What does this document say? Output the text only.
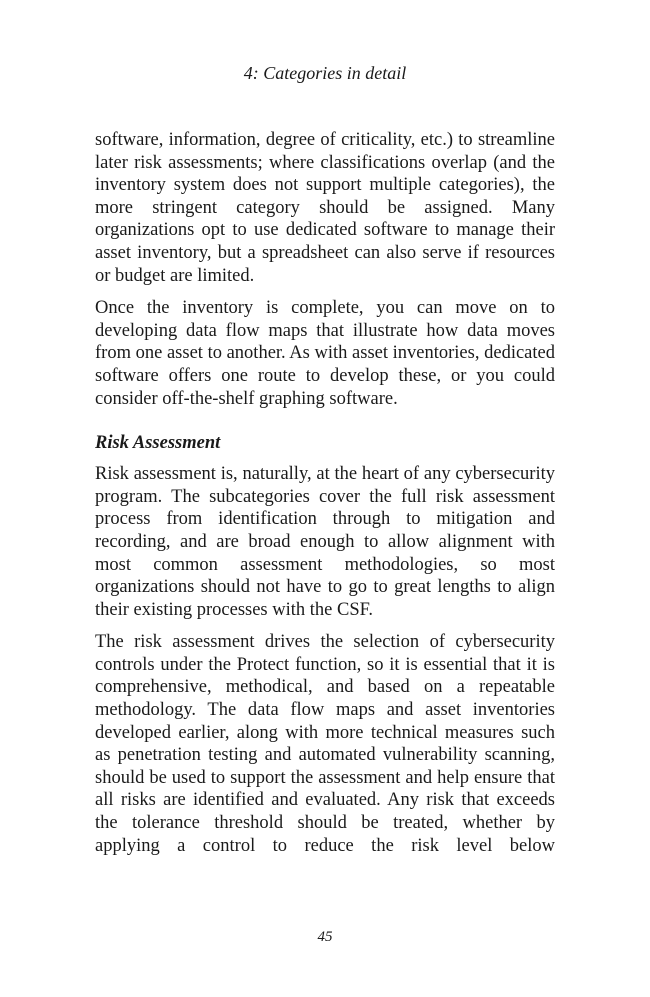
4: Categories in detail

software, information, degree of criticality, etc.) to streamline later risk assessments; where classifications overlap (and the inventory system does not support multiple categories), the more stringent category should be assigned. Many organizations opt to use dedicated software to manage their asset inventory, but a spreadsheet can also serve if resources or budget are limited.

Once the inventory is complete, you can move on to developing data flow maps that illustrate how data moves from one asset to another. As with asset inventories, dedicated software offers one route to develop these, or you could consider off-the-shelf graphing software.

Risk Assessment

Risk assessment is, naturally, at the heart of any cybersecurity program. The subcategories cover the full risk assessment process from identification through to mitigation and recording, and are broad enough to allow alignment with most common assessment methodologies, so most organizations should not have to go to great lengths to align their existing processes with the CSF.

The risk assessment drives the selection of cybersecurity controls under the Protect function, so it is essential that it is comprehensive, methodical, and based on a repeatable methodology. The data flow maps and asset inventories developed earlier, along with more technical measures such as penetration testing and automated vulnerability scanning, should be used to support the assessment and help ensure that all risks are identified and evaluated. Any risk that exceeds the tolerance threshold should be treated, whether by applying a control to reduce the risk level below

45
